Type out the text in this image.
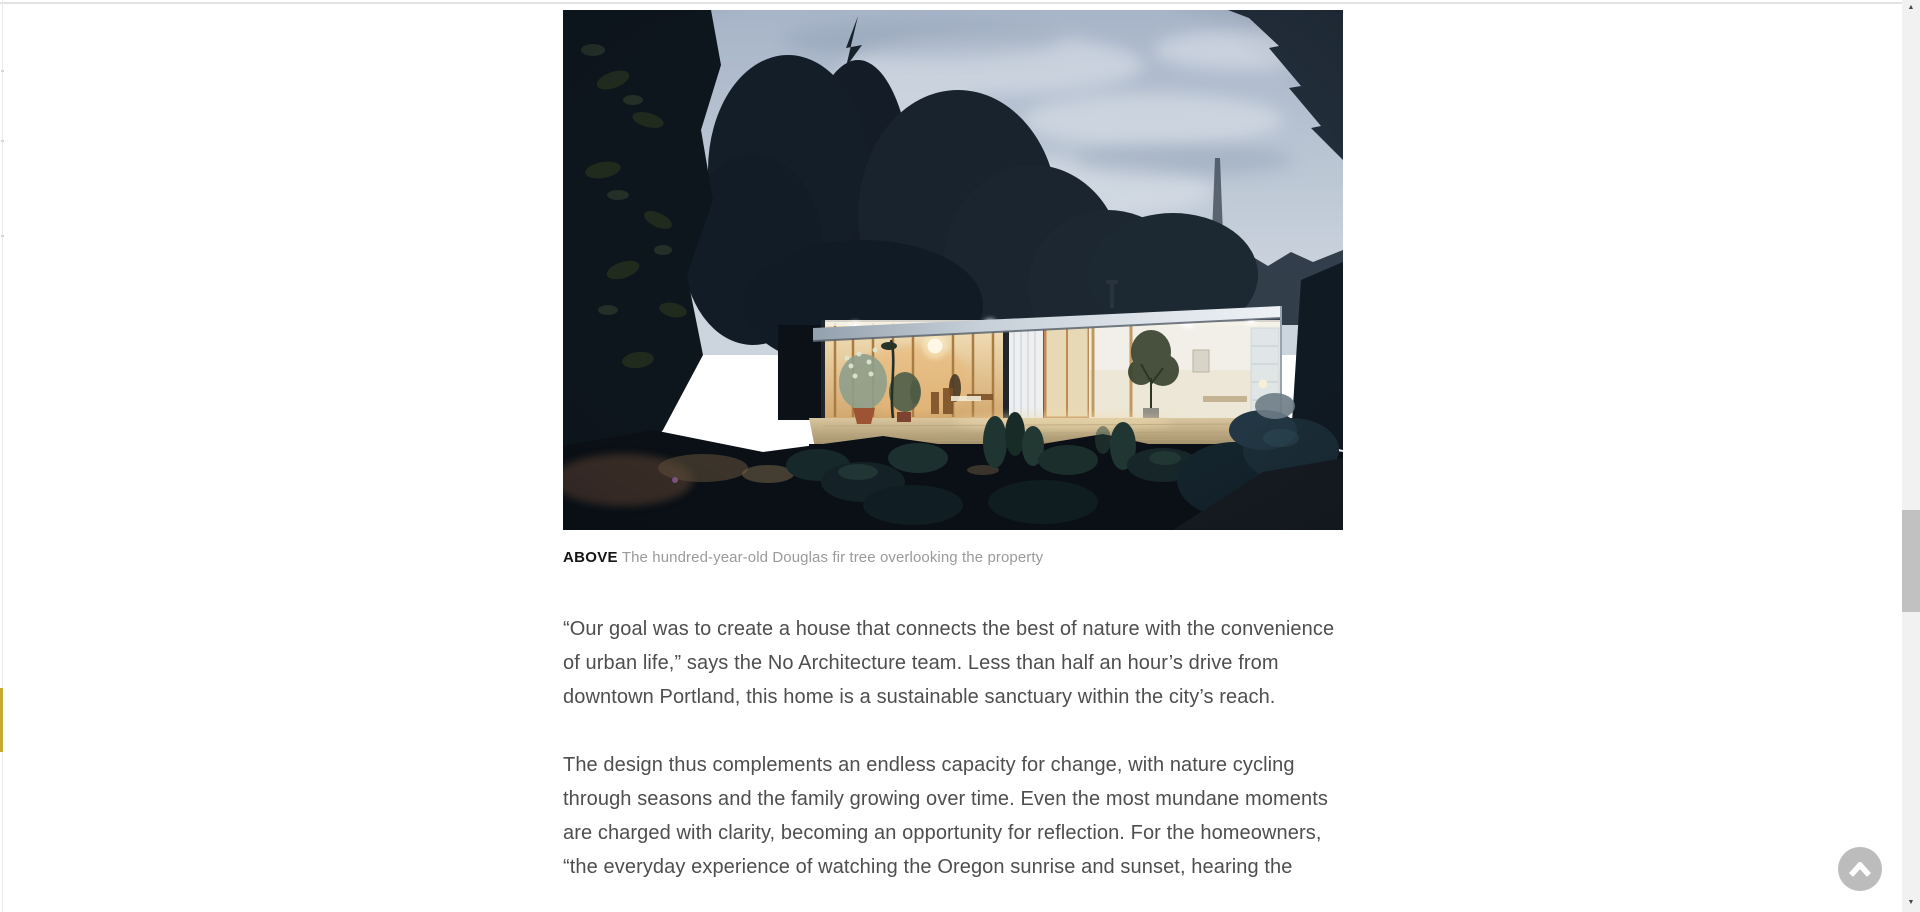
ABOVE The hundred-year-old Douglas fir tree overlooking the property

“Our goal was to create a house that connects the best of nature with the convenience of urban life,” says the No Architecture team. Less than half an hour’s drive from downtown Portland, this home is a sustainable sanctuary within the city’s reach.

The design thus complements an endless capacity for change, with nature cycling through seasons and the family growing over time. Even the most mundane moments are charged with clarity, becoming an opportunity for reflection. For the homeowners, “the everyday experience of watching the Oregon sunrise and sunset, hearing the

▲
▼
